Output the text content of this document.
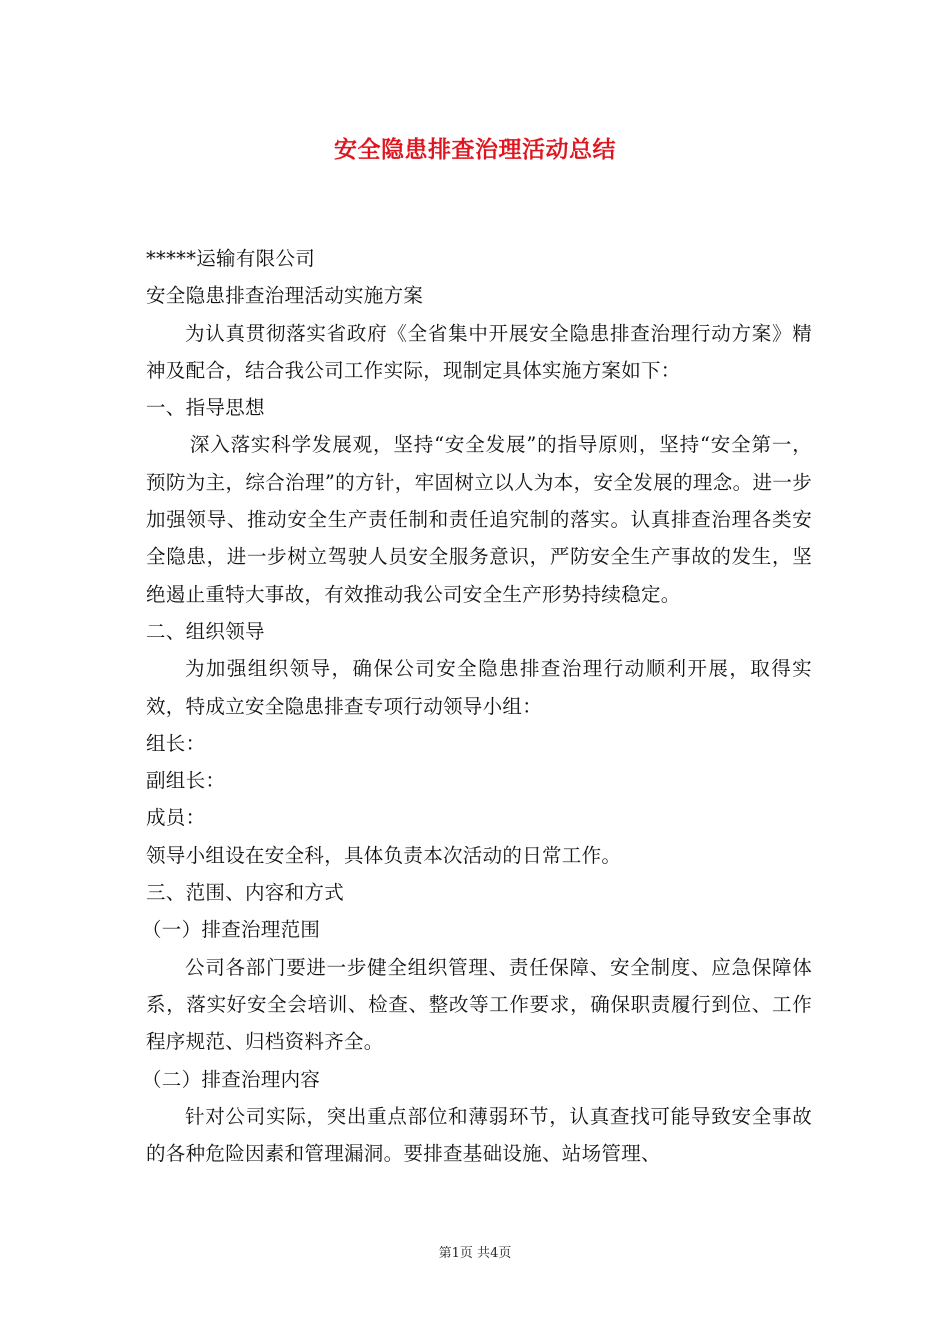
安全隐患排查治理活动总结

*****运输有限公司

安全隐患排查治理活动实施方案

为认真贯彻落实省政府《全省集中开展安全隐患排查治理行动方案》精神及配合，结合我公司工作实际，现制定具体实施方案如下：

一、指导思想

深入落实科学发展观，坚持“安全发展”的指导原则，坚持“安全第一，预防为主，综合治理”的方针，牢固树立以人为本，安全发展的理念。进一步加强领导、推动安全生产责任制和责任追究制的落实。认真排查治理各类安全隐患，进一步树立驾驶人员安全服务意识，严防安全生产事故的发生，坚绝遏止重特大事故，有效推动我公司安全生产形势持续稳定。

二、组织领导

为加强组织领导，确保公司安全隐患排查治理行动顺利开展，取得实效，特成立安全隐患排查专项行动领导小组：

组长：

副组长：

成员：

领导小组设在安全科，具体负责本次活动的日常工作。

三、范围、内容和方式

（一）排查治理范围

公司各部门要进一步健全组织管理、责任保障、安全制度、应急保障体系，落实好安全会培训、检查、整改等工作要求，确保职责履行到位、工作程序规范、归档资料齐全。

（二）排查治理内容

针对公司实际，突出重点部位和薄弱环节，认真查找可能导致安全事故的各种危险因素和管理漏洞。要排查基础设施、站场管理、

第1页 共4页
